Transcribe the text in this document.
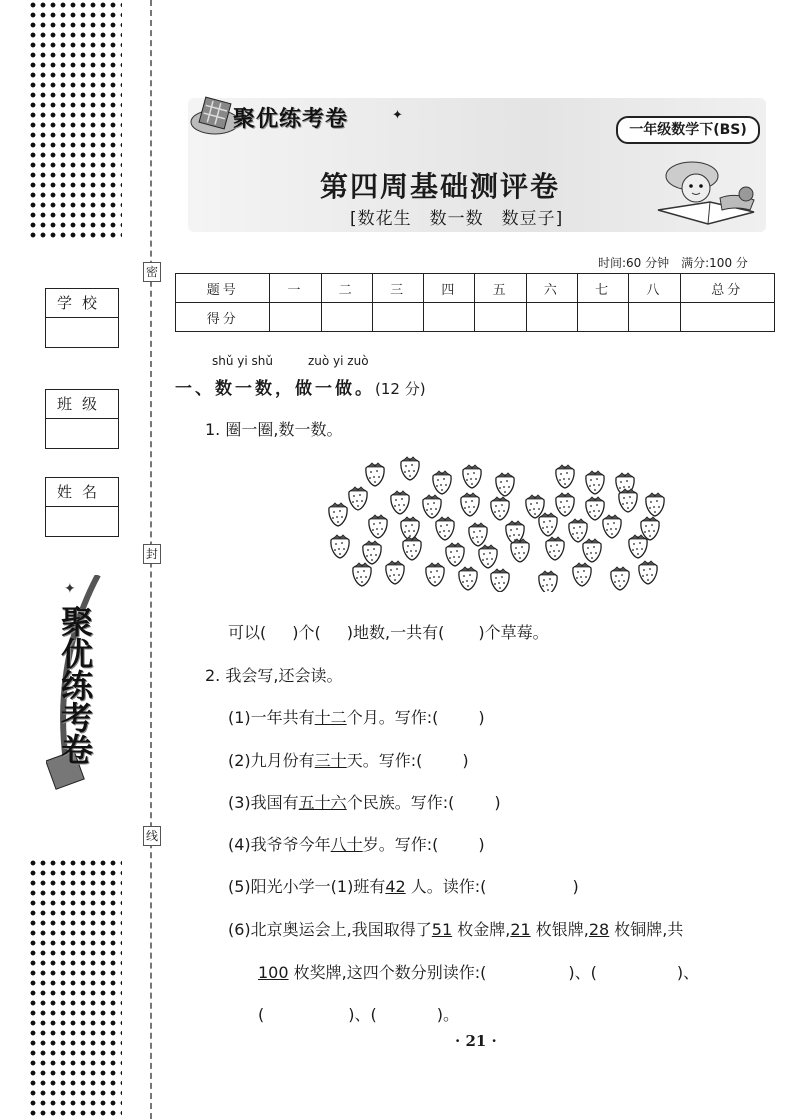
密
封
线
学校
班级
姓名
✦
聚优练考卷
聚优练考卷	✦
一年级数学下(BS)
第四周基础测评卷
[数花生　数一数　数豆子]
时间:60 分钟　满分:100 分
题号	一	二	三	四	五	六	七	八	总分
得分									
shǔ yi shǔ	zuò yi zuò
一、数一数，做一做。(12 分)
1. 圈一圈,数一数。
可以( )个( )地数,一共有( )个草莓。
2. 我会写,还会读。
(1)一年共有十二个月。写作:(	)
(2)九月份有三十天。写作:(	)
(3)我国有五十六个民族。写作:(	)
(4)我爷爷今年八十岁。写作:(	)
(5)阳光小学一(1)班有42 人。读作:(	)
(6)北京奥运会上,我国取得了51 枚金牌,21 枚银牌,28 枚铜牌,共
100 枚奖牌,这四个数分别读作:(	)、(	)、
(	)、(	)。
· 21 ·
